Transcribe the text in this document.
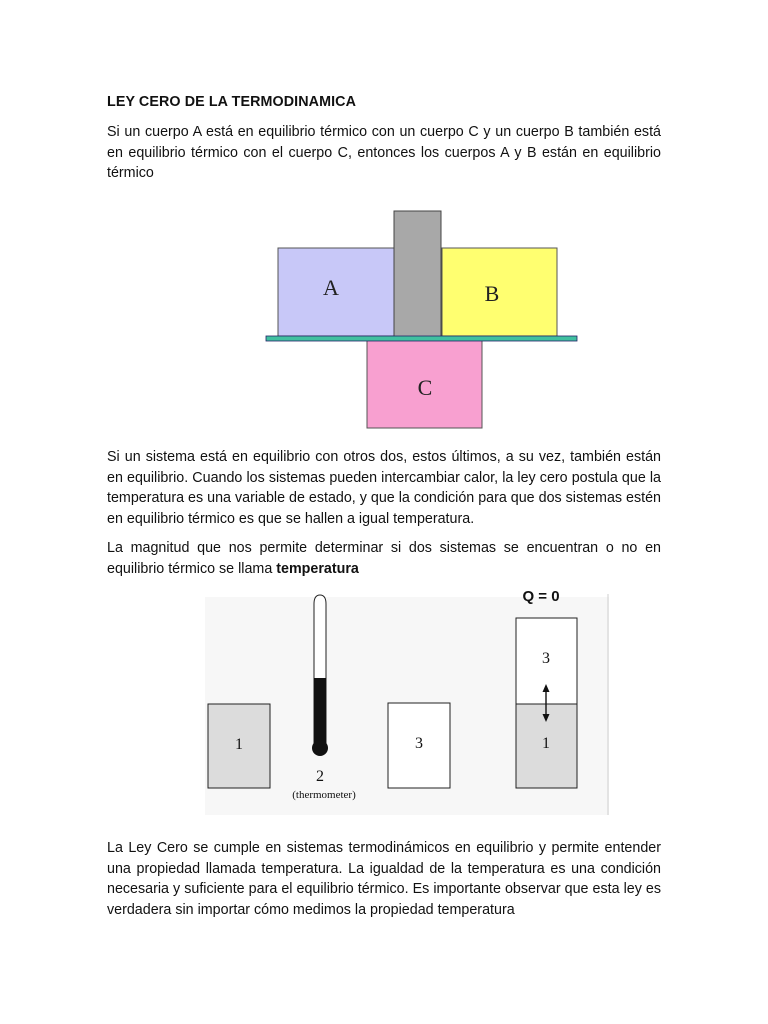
LEY CERO DE LA TERMODINAMICA
Si un cuerpo A está en equilibrio térmico con un cuerpo C y un cuerpo B también está en equilibrio térmico con el cuerpo C, entonces los cuerpos A y B están en equilibrio térmico
A	B
C
Si un sistema está en equilibrio con otros dos, estos últimos, a su vez, también están en equilibrio. Cuando los sistemas pueden intercambiar calor, la ley cero postula que la temperatura es una variable de estado, y que la condición para que dos sistemas estén en equilibrio térmico es que se hallen a igual temperatura.
La magnitud que nos permite determinar si dos sistemas se encuentran o no en equilibrio térmico se llama temperatura
1
2
(thermometer)
3
Q = 0
3
1
La Ley Cero se cumple en sistemas termodinámicos en equilibrio y permite entender una propiedad llamada temperatura. La igualdad de la temperatura es una condición necesaria y suficiente para el equilibrio térmico. Es importante observar que esta ley es verdadera sin importar cómo medimos la propiedad temperatura
